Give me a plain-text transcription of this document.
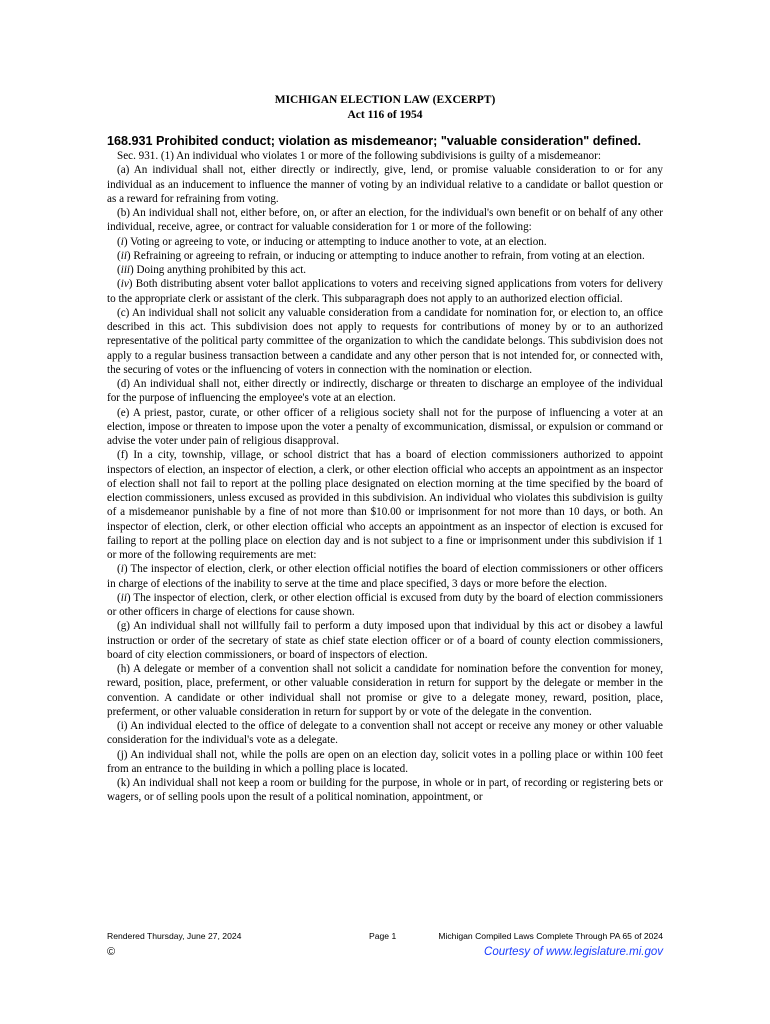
MICHIGAN ELECTION LAW (EXCERPT)
Act 116 of 1954
168.931 Prohibited conduct; violation as misdemeanor; "valuable consideration" defined.

Sec. 931. (1) An individual who violates 1 or more of the following subdivisions is guilty of a misdemeanor:

(a) An individual shall not, either directly or indirectly, give, lend, or promise valuable consideration to or for any individual as an inducement to influence the manner of voting by an individual relative to a candidate or ballot question or as a reward for refraining from voting.

(b) An individual shall not, either before, on, or after an election, for the individual's own benefit or on behalf of any other individual, receive, agree, or contract for valuable consideration for 1 or more of the following:

(i) Voting or agreeing to vote, or inducing or attempting to induce another to vote, at an election.

(ii) Refraining or agreeing to refrain, or inducing or attempting to induce another to refrain, from voting at an election.

(iii) Doing anything prohibited by this act.

(iv) Both distributing absent voter ballot applications to voters and receiving signed applications from voters for delivery to the appropriate clerk or assistant of the clerk. This subparagraph does not apply to an authorized election official.

(c) An individual shall not solicit any valuable consideration from a candidate for nomination for, or election to, an office described in this act. This subdivision does not apply to requests for contributions of money by or to an authorized representative of the political party committee of the organization to which the candidate belongs. This subdivision does not apply to a regular business transaction between a candidate and any other person that is not intended for, or connected with, the securing of votes or the influencing of voters in connection with the nomination or election.

(d) An individual shall not, either directly or indirectly, discharge or threaten to discharge an employee of the individual for the purpose of influencing the employee's vote at an election.

(e) A priest, pastor, curate, or other officer of a religious society shall not for the purpose of influencing a voter at an election, impose or threaten to impose upon the voter a penalty of excommunication, dismissal, or expulsion or command or advise the voter under pain of religious disapproval.

(f) In a city, township, village, or school district that has a board of election commissioners authorized to appoint inspectors of election, an inspector of election, a clerk, or other election official who accepts an appointment as an inspector of election shall not fail to report at the polling place designated on election morning at the time specified by the board of election commissioners, unless excused as provided in this subdivision. An individual who violates this subdivision is guilty of a misdemeanor punishable by a fine of not more than $10.00 or imprisonment for not more than 10 days, or both. An inspector of election, clerk, or other election official who accepts an appointment as an inspector of election is excused for failing to report at the polling place on election day and is not subject to a fine or imprisonment under this subdivision if 1 or more of the following requirements are met:

(i) The inspector of election, clerk, or other election official notifies the board of election commissioners or other officers in charge of elections of the inability to serve at the time and place specified, 3 days or more before the election.

(ii) The inspector of election, clerk, or other election official is excused from duty by the board of election commissioners or other officers in charge of elections for cause shown.

(g) An individual shall not willfully fail to perform a duty imposed upon that individual by this act or disobey a lawful instruction or order of the secretary of state as chief state election officer or of a board of county election commissioners, board of city election commissioners, or board of inspectors of election.

(h) A delegate or member of a convention shall not solicit a candidate for nomination before the convention for money, reward, position, place, preferment, or other valuable consideration in return for support by the delegate or member in the convention. A candidate or other individual shall not promise or give to a delegate money, reward, position, place, preferment, or other valuable consideration in return for support by or vote of the delegate in the convention.

(i) An individual elected to the office of delegate to a convention shall not accept or receive any money or other valuable consideration for the individual's vote as a delegate.

(j) An individual shall not, while the polls are open on an election day, solicit votes in a polling place or within 100 feet from an entrance to the building in which a polling place is located.

(k) An individual shall not keep a room or building for the purpose, in whole or in part, of recording or registering bets or wagers, or of selling pools upon the result of a political nomination, appointment, or

Rendered Thursday, June 27, 2024	Page 1	Michigan Compiled Laws Complete Through PA 65 of 2024
©	Courtesy of www.legislature.mi.gov
